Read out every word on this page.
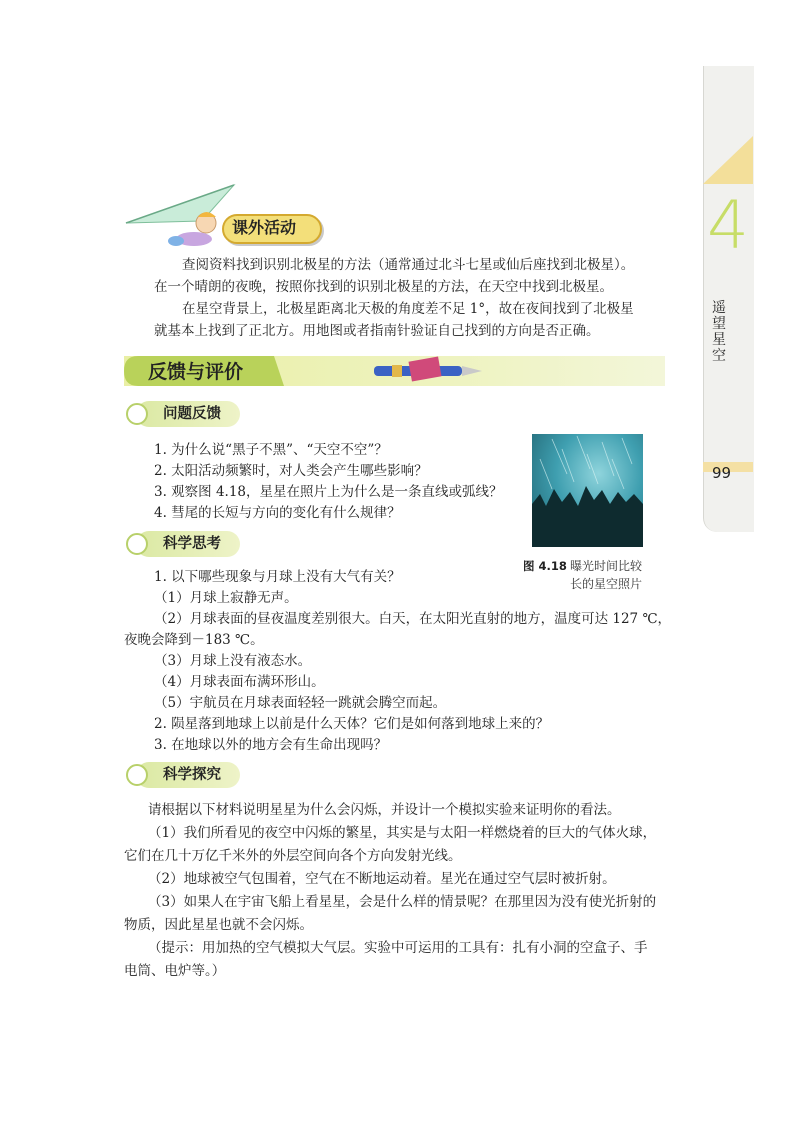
4
遥望星空
99
课外活动

查阅资料找到识别北极星的方法（通常通过北斗七星或仙后座找到北极星）。

在一个晴朗的夜晚，按照你找到的识别北极星的方法，在天空中找到北极星。

在星空背景上，北极星距离北天极的角度差不足 1°，故在夜间找到了北极星

就基本上找到了正北方。用地图或者指南针验证自己找到的方向是否正确。

反馈与评价
问题反馈

1. 为什么说“黑子不黑”、“天空不空”？

2. 太阳活动频繁时，对人类会产生哪些影响？

3. 观察图 4.18，星星在照片上为什么是一条直线或弧线？

4. 彗尾的长短与方向的变化有什么规律？

图 4.18 曝光时间比较
长的星空照片
科学思考

1. 以下哪些现象与月球上没有大气有关？

（1）月球上寂静无声。

（2）月球表面的昼夜温度差别很大。白天，在太阳光直射的地方，温度可达 127 ℃，

夜晚会降到－183 ℃。

（3）月球上没有液态水。

（4）月球表面布满环形山。

（5）宇航员在月球表面轻轻一跳就会腾空而起。

2. 陨星落到地球上以前是什么天体？它们是如何落到地球上来的？

3. 在地球以外的地方会有生命出现吗？

科学探究

请根据以下材料说明星星为什么会闪烁，并设计一个模拟实验来证明你的看法。

（1）我们所看见的夜空中闪烁的繁星，其实是与太阳一样燃烧着的巨大的气体火球，

它们在几十万亿千米外的外层空间向各个方向发射光线。

（2）地球被空气包围着，空气在不断地运动着。星光在通过空气层时被折射。

（3）如果人在宇宙飞船上看星星，会是什么样的情景呢？在那里因为没有使光折射的

物质，因此星星也就不会闪烁。

（提示：用加热的空气模拟大气层。实验中可运用的工具有：扎有小洞的空盒子、手

电筒、电炉等。）
